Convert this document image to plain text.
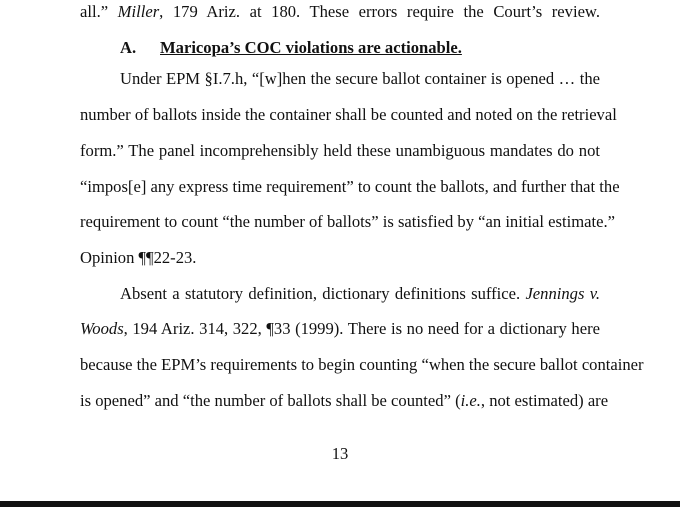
all.” Miller, 179 Ariz. at 180. These errors require the Court’s review.
A. Maricopa’s COC violations are actionable.
Under EPM §I.7.h, “[w]hen the secure ballot container is opened … the
number of ballots inside the container shall be counted and noted on the retrieval
form.” The panel incomprehensibly held these unambiguous mandates do not
“impos[e] any express time requirement” to count the ballots, and further that the
requirement to count “the number of ballots” is satisfied by “an initial estimate.”
Opinion ¶¶22-23.
Absent a statutory definition, dictionary definitions suffice. Jennings v.
Woods, 194 Ariz. 314, 322, ¶33 (1999). There is no need for a dictionary here
because the EPM’s requirements to begin counting “when the secure ballot container
is opened” and “the number of ballots shall be counted” (i.e., not estimated) are
13
